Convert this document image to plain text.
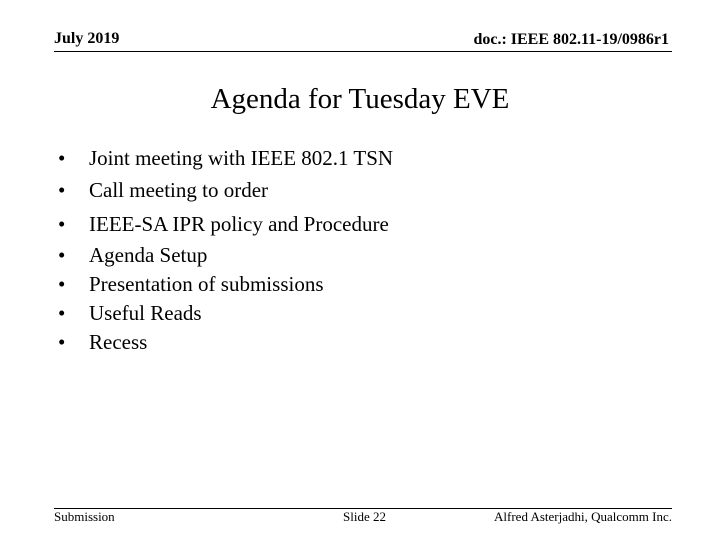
July 2019	doc.: IEEE 802.11-19/0986r1
Agenda for Tuesday EVE
• Joint meeting with IEEE 802.1 TSN
• Call meeting to order
• IEEE-SA IPR policy and Procedure
• Agenda Setup
• Presentation of submissions
• Useful Reads
• Recess
Submission	Slide 22	Alfred Asterjadhi, Qualcomm Inc.
